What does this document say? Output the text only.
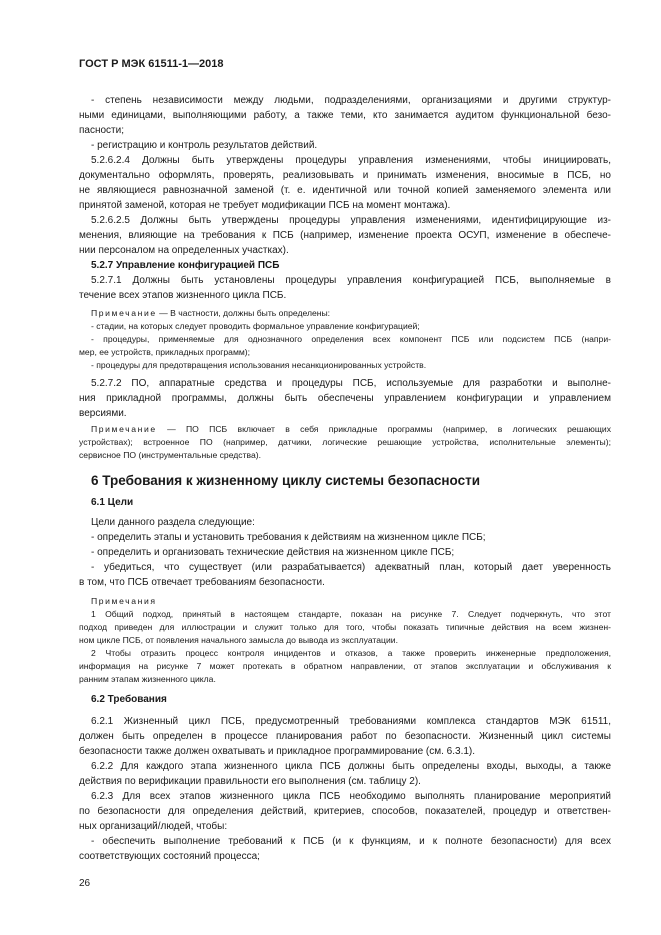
ГОСТ Р МЭК 61511-1—2018
- степень независимости между людьми, подразделениями, организациями и другими структур-
ными единицами, выполняющими работу, а также теми, кто занимается аудитом функциональной безо-
пасности;
- регистрацию и контроль результатов действий.
5.2.6.2.4 Должны быть утверждены процедуры управления изменениями, чтобы инициировать,
документально оформлять, проверять, реализовывать и принимать изменения, вносимые в ПСБ, но
не являющиеся равнозначной заменой (т. е. идентичной или точной копией заменяемого элемента или
принятой заменой, которая не требует модификации ПСБ на момент монтажа).
5.2.6.2.5 Должны быть утверждены процедуры управления изменениями, идентифицирующие из-
менения, влияющие на требования к ПСБ (например, изменение проекта ОСУП, изменение в обеспече-
нии персоналом на определенных участках).
5.2.7 Управление конфигурацией ПСБ
5.2.7.1 Должны быть установлены процедуры управления конфигурацией ПСБ, выполняемые в
течение всех этапов жизненного цикла ПСБ.
Примечание — В частности, должны быть определены:
- стадии, на которых следует проводить формальное управление конфигурацией;
- процедуры, применяемые для однозначного определения всех компонент ПСБ или подсистем ПСБ (напри-
мер, ее устройств, прикладных программ);
- процедуры для предотвращения использования несанкционированных устройств.
5.2.7.2 ПО, аппаратные средства и процедуры ПСБ, используемые для разработки и выполне-
ния прикладной программы, должны быть обеспечены управлением конфигурации и управлением
версиями.
Примечание — ПО ПСБ включает в себя прикладные программы (например, в логических решающих
устройствах); встроенное ПО (например, датчики, логические решающие устройства, исполнительные элементы);
сервисное ПО (инструментальные средства).
6 Требования к жизненному циклу системы безопасности
6.1 Цели
Цели данного раздела следующие:
- определить этапы и установить требования к действиям на жизненном цикле ПСБ;
- определить и организовать технические действия на жизненном цикле ПСБ;
- убедиться, что существует (или разрабатывается) адекватный план, который дает уверенность
в том, что ПСБ отвечает требованиям безопасности.
Примечания
1 Общий подход, принятый в настоящем стандарте, показан на рисунке 7. Следует подчеркнуть, что этот
подход приведен для иллюстрации и служит только для того, чтобы показать типичные действия на всем жизнен-
ном цикле ПСБ, от появления начального замысла до вывода из эксплуатации.
2 Чтобы отразить процесс контроля инцидентов и отказов, а также проверить инженерные предположения,
информация на рисунке 7 может протекать в обратном направлении, от этапов эксплуатации и обслуживания к
ранним этапам жизненного цикла.
6.2 Требования
6.2.1 Жизненный цикл ПСБ, предусмотренный требованиями комплекса стандартов МЭК 61511,
должен быть определен в процессе планирования работ по безопасности. Жизненный цикл системы
безопасности также должен охватывать и прикладное программирование (см. 6.3.1).
6.2.2 Для каждого этапа жизненного цикла ПСБ должны быть определены входы, выходы, а также
действия по верификации правильности его выполнения (см. таблицу 2).
6.2.3 Для всех этапов жизненного цикла ПСБ необходимо выполнять планирование мероприятий
по безопасности для определения действий, критериев, способов, показателей, процедур и ответствен-
ных организаций/людей, чтобы:
- обеспечить выполнение требований к ПСБ (и к функциям, и к полноте безопасности) для всех
соответствующих состояний процесса;
26
